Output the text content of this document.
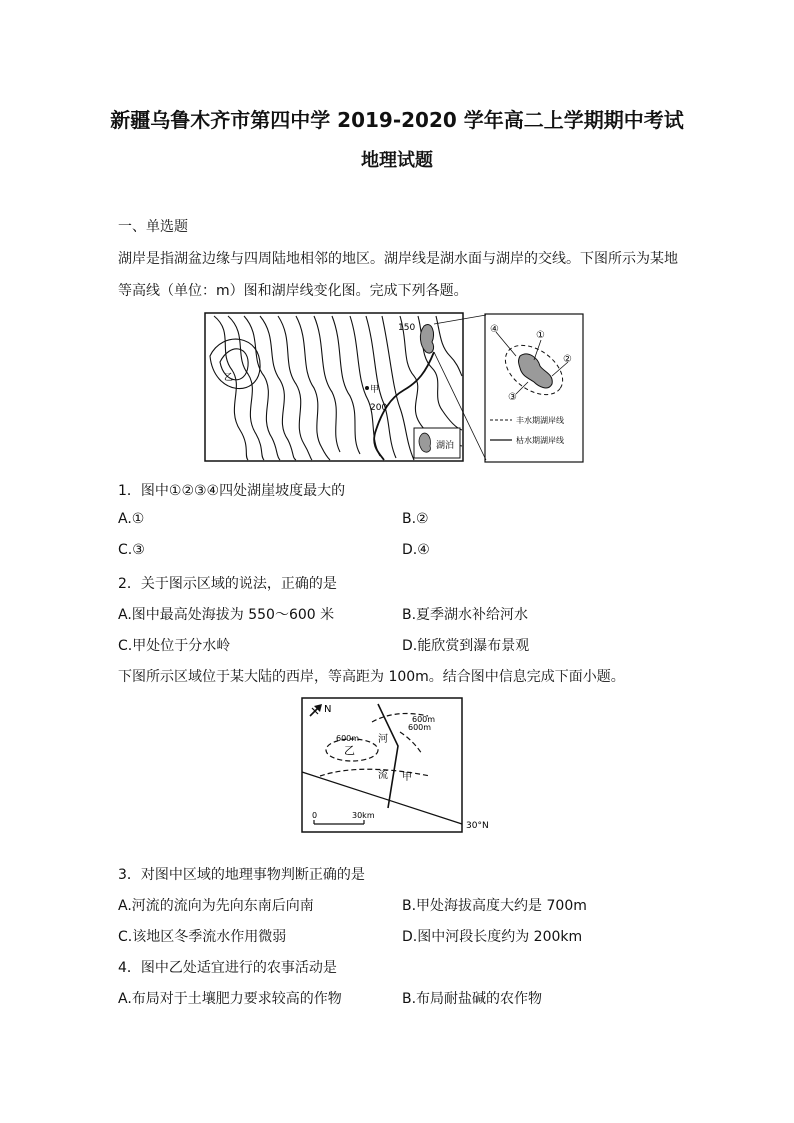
新疆乌鲁木齐市第四中学 2019-2020 学年高二上学期期中考试
地理试题
一、单选题
湖岸是指湖盆边缘与四周陆地相邻的地区。湖岸线是湖水面与湖岸的交线。下图所示为某地
等高线（单位：m）图和湖岸线变化图。完成下列各题。
150
200
甲
乙
湖泊
④
①
②
③
丰水期湖岸线
枯水期湖岸线
1．图中①②③④四处湖崖坡度最大的
A.①	B.②
C.③	D.④
2．关于图示区域的说法，正确的是
A.图中最高处海拔为 550～600 米	B.夏季湖水补给河水
C.甲处位于分水岭	D.能欣赏到瀑布景观
下图所示区域位于某大陆的西岸，等高距为 100m。结合图中信息完成下面小题。
N
600m
600m
600m
乙
河
流 甲
30°N
0	30km
3．对图中区域的地理事物判断正确的是
A.河流的流向为先向东南后向南	B.甲处海拔高度大约是 700m
C.该地区冬季流水作用微弱	D.图中河段长度约为 200km
4．图中乙处适宜进行的农事活动是
A.布局对于土壤肥力要求较高的作物	B.布局耐盐碱的农作物
